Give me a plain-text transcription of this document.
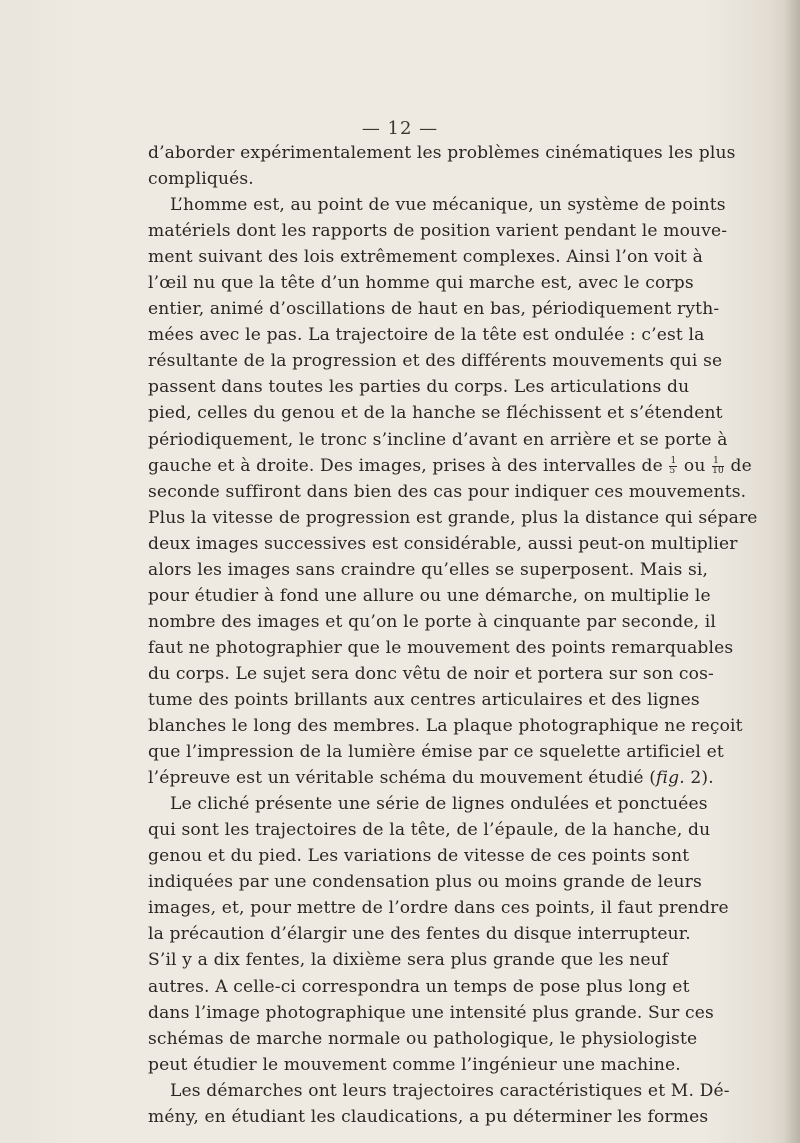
— 12 —
d’aborder expérimentalement les problèmes cinématiques les plus
compliqués.
L’homme est, au point de vue mécanique, un système de points
matériels dont les rapports de position varient pendant le mouve-
ment suivant des lois extrêmement complexes. Ainsi l’on voit à
l’œil nu que la tête d’un homme qui marche est, avec le corps
entier, animé d’oscillations de haut en bas, périodiquement ryth-
mées avec le pas. La trajectoire de la tête est ondulée : c’est la
résultante de la progression et des différents mouvements qui se
passent dans toutes les parties du corps. Les articulations du
pied, celles du genou et de la hanche se fléchissent et s’étendent
périodiquement, le tronc s’incline d’avant en arrière et se porte à
gauche et à droite. Des images, prises à des intervalles de $\frac{1}{5}$ ou $\frac{1}{10}$ de
seconde suffiront dans bien des cas pour indiquer ces mouvements.
Plus la vitesse de progression est grande, plus la distance qui sépare
deux images successives est considérable, aussi peut-on multiplier
alors les images sans craindre qu’elles se superposent. Mais si,
pour étudier à fond une allure ou une démarche, on multiplie le
nombre des images et qu’on le porte à cinquante par seconde, il
faut ne photographier que le mouvement des points remarquables
du corps. Le sujet sera donc vêtu de noir et portera sur son cos-
tume des points brillants aux centres articulaires et des lignes
blanches le long des membres. La plaque photographique ne reçoit
que l’impression de la lumière émise par ce squelette artificiel et
l’épreuve est un véritable schéma du mouvement étudié (fig. 2).
Le cliché présente une série de lignes ondulées et ponctuées
qui sont les trajectoires de la tête, de l’épaule, de la hanche, du
genou et du pied. Les variations de vitesse de ces points sont
indiquées par une condensation plus ou moins grande de leurs
images, et, pour mettre de l’ordre dans ces points, il faut prendre
la précaution d’élargir une des fentes du disque interrupteur.
S’il y a dix fentes, la dixième sera plus grande que les neuf
autres. A celle-ci correspondra un temps de pose plus long et
dans l’image photographique une intensité plus grande. Sur ces
schémas de marche normale ou pathologique, le physiologiste
peut étudier le mouvement comme l’ingénieur une machine.
Les démarches ont leurs trajectoires caractéristiques et M. Dé-
mény, en étudiant les claudications, a pu déterminer les formes
